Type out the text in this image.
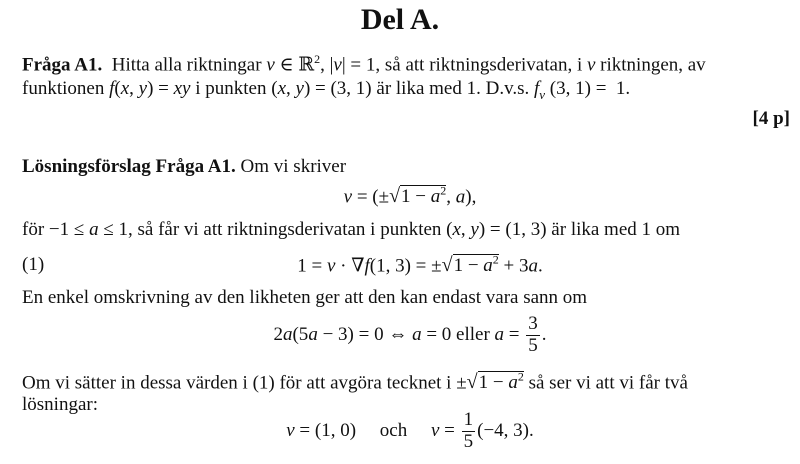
Del A.
Fråga A1.  Hitta alla riktningar ν ∈ ℝ$^2$, |ν| = 1, så att riktningsderivatan, i ν riktningen, av
funktionen f(x, y) = xy i punkten (x, y) = (3, 1) är lika med 1. D.v.s. $f_\nu$ (3, 1) =  1.
[4 p]
Lösningsförslag Fråga A1. Om vi skriver
$\nu = (\pm√1 - a^2$, a),
för −1 ≤ a ≤ 1, så får vi att riktningsderivatan i punkten (x, y) = (1, 3) är lika med 1 om
(1)	1 = ν · ∇f(1, $3) = \pm√1 - a^2 + 3a$.
En enkel omskrivning av den likheten ger att den kan endast vara sann om
2a(5a − 3) = 0 ⇔ a = 0 eller $a = \frac{3}{5}$ .
Om vi sätter in dessa värden i (1) för att avgöra tecknet $i \pm√1 - a^2$ så ser vi att vi får två
lösningar:
ν = (1, 0)     och     $\nu = \frac{1}{5} (-4$, 3).
